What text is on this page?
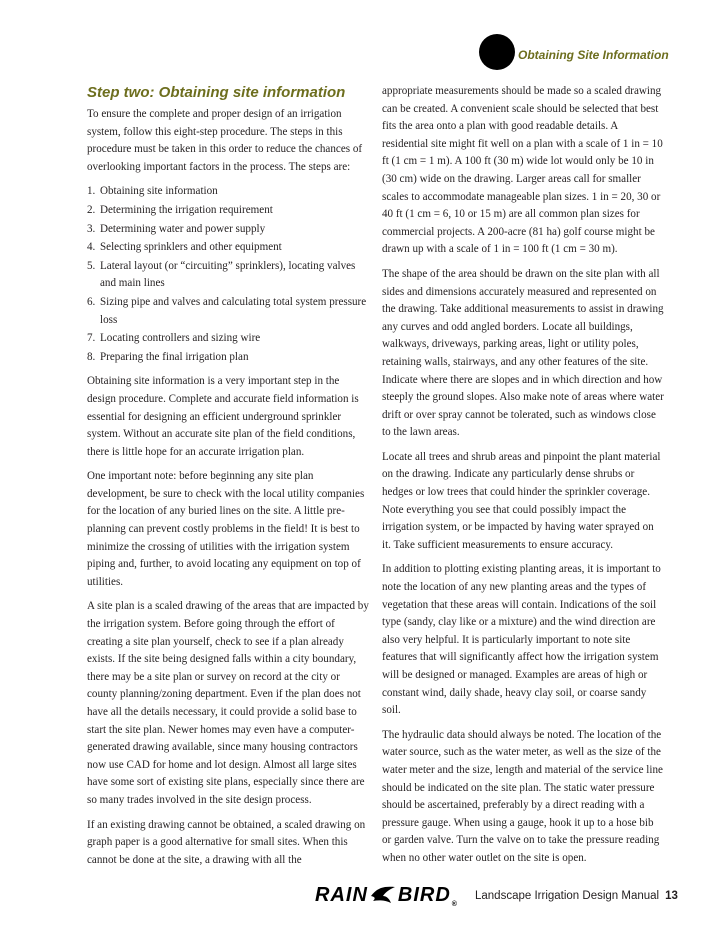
Obtaining Site Information
Step two: Obtaining site information

To ensure the complete and proper design of an irrigation system, follow this eight-step procedure. The steps in this procedure must be taken in this order to reduce the chances of overlooking important factors in the process. The steps are:

1. Obtaining site information
2. Determining the irrigation requirement
3. Determining water and power supply
4. Selecting sprinklers and other equipment
5. Lateral layout (or “circuiting” sprinklers), locating valves and main lines
6. Sizing pipe and valves and calculating total system pressure loss
7. Locating controllers and sizing wire
8. Preparing the final irrigation plan

Obtaining site information is a very important step in the design procedure. Complete and accurate field information is essential for designing an efficient underground sprinkler system. Without an accurate site plan of the field conditions, there is little hope for an accurate irrigation plan.

One important note: before beginning any site plan development, be sure to check with the local utility companies for the location of any buried lines on the site. A little pre-planning can prevent costly problems in the field! It is best to minimize the crossing of utilities with the irrigation system piping and, further, to avoid locating any equipment on top of utilities.

A site plan is a scaled drawing of the areas that are impacted by the irrigation system. Before going through the effort of creating a site plan yourself, check to see if a plan already exists. If the site being designed falls within a city boundary, there may be a site plan or survey on record at the city or county planning/zoning department. Even if the plan does not have all the details necessary, it could provide a solid base to start the site plan. Newer homes may even have a computer-generated drawing available, since many housing contractors now use CAD for home and lot design. Almost all large sites have some sort of existing site plans, especially since there are so many trades involved in the site design process.

If an existing drawing cannot be obtained, a scaled drawing on graph paper is a good alternative for small sites. When this cannot be done at the site, a drawing with all the

appropriate measurements should be made so a scaled drawing can be created. A convenient scale should be selected that best fits the area onto a plan with good readable details. A residential site might fit well on a plan with a scale of 1 in = 10 ft (1 cm = 1 m). A 100 ft (30 m) wide lot would only be 10 in (30 cm) wide on the drawing. Larger areas call for smaller scales to accommodate manageable plan sizes. 1 in = 20, 30 or 40 ft (1 cm = 6, 10 or 15 m) are all common plan sizes for commercial projects. A 200-acre (81 ha) golf course might be drawn up with a scale of 1 in = 100 ft (1 cm = 30 m).

The shape of the area should be drawn on the site plan with all sides and dimensions accurately measured and represented on the drawing. Take additional measurements to assist in drawing any curves and odd angled borders. Locate all buildings, walkways, driveways, parking areas, light or utility poles, retaining walls, stairways, and any other features of the site. Indicate where there are slopes and in which direction and how steeply the ground slopes. Also make note of areas where water drift or over spray cannot be tolerated, such as windows close to the lawn areas.

Locate all trees and shrub areas and pinpoint the plant material on the drawing. Indicate any particularly dense shrubs or hedges or low trees that could hinder the sprinkler coverage. Note everything you see that could possibly impact the irrigation system, or be impacted by having water sprayed on it. Take sufficient measurements to ensure accuracy.

In addition to plotting existing planting areas, it is important to note the location of any new planting areas and the types of vegetation that these areas will contain. Indications of the soil type (sandy, clay like or a mixture) and the wind direction are also very helpful. It is particularly important to note site features that will significantly affect how the irrigation system will be designed or managed. Examples are areas of high or constant wind, daily shade, heavy clay soil, or coarse sandy soil.

The hydraulic data should always be noted. The location of the water source, such as the water meter, as well as the size of the water meter and the size, length and material of the service line should be indicated on the site plan. The static water pressure should be ascertained, preferably by a direct reading with a pressure gauge. When using a gauge, hook it up to a hose bib or garden valve. Turn the valve on to take the pressure reading when no other water outlet on the site is open.

RAIN BIRD ®
Landscape Irrigation Design Manual 13
